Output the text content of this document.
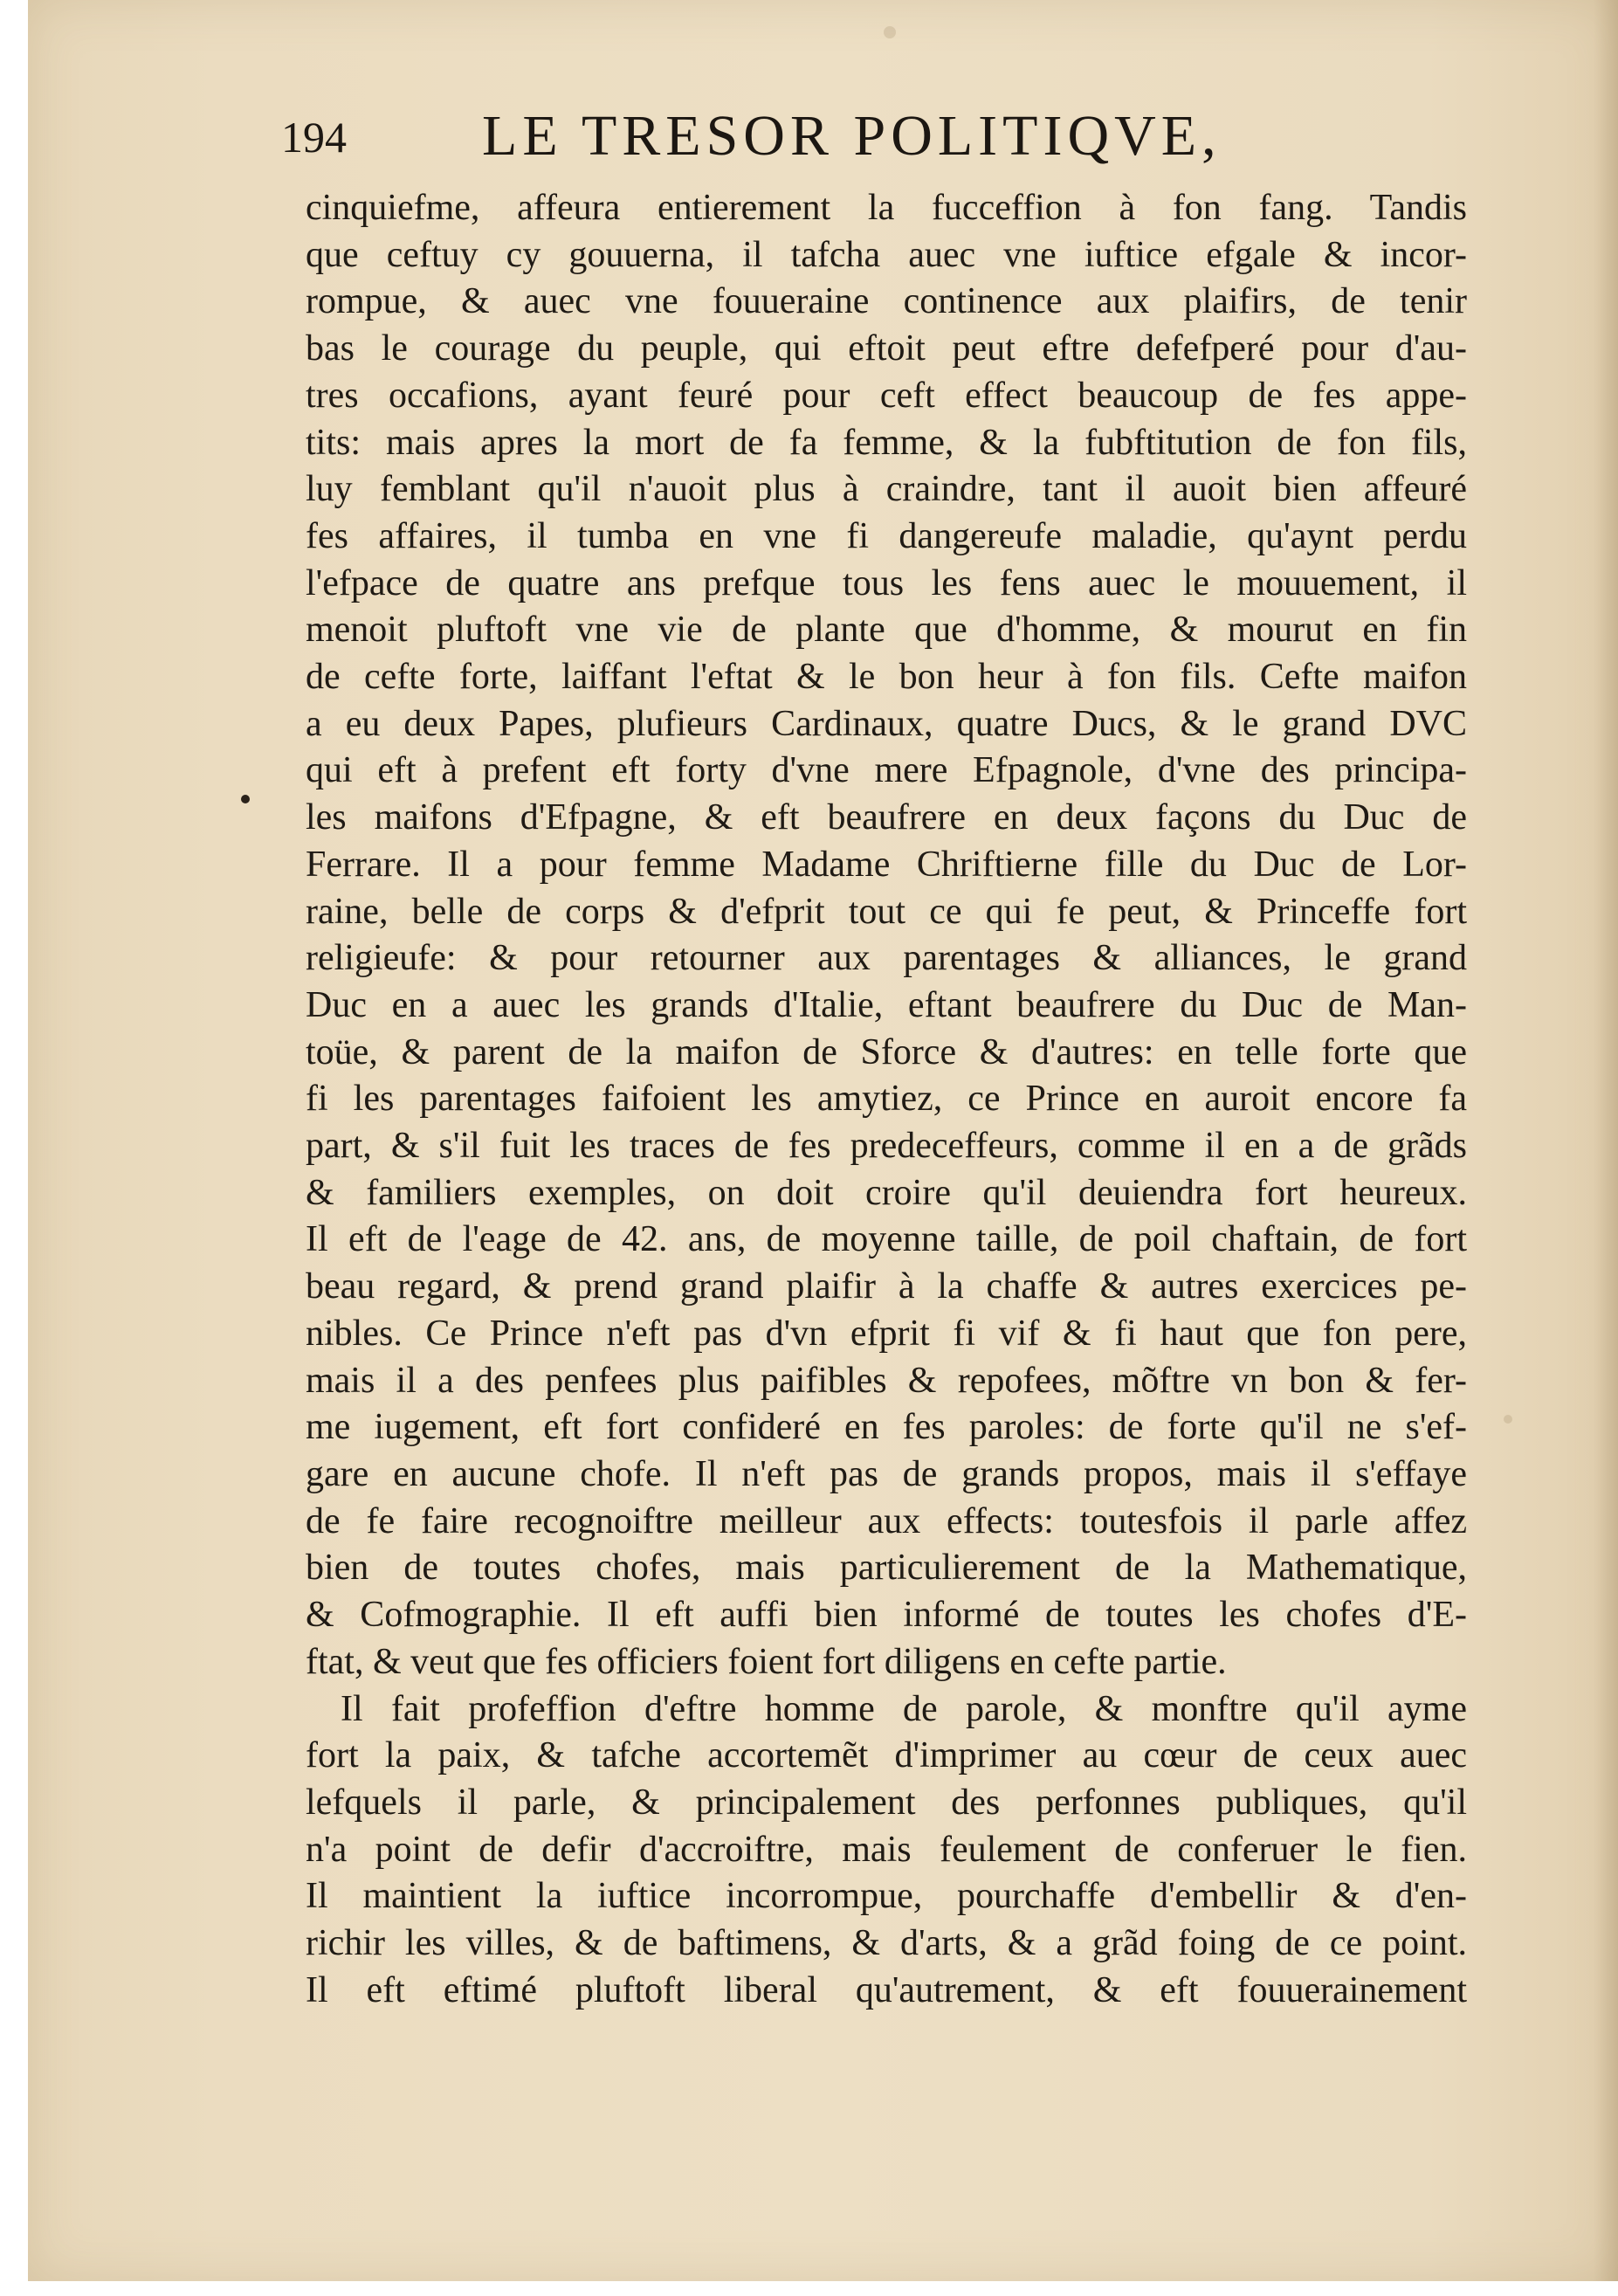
194 LE TRESOR POLITIQVE,
cinquiefme, affeura entierement la fucceffion à fon fang. Tandis
que ceftuy cy gouuerna, il tafcha auec vne iuftice efgale & incor-
rompue, & auec vne fouueraine continence aux plaifirs, de tenir
bas le courage du peuple, qui eftoit peut eftre defefperé pour d'au-
tres occafions, ayant feuré pour ceft effect beaucoup de fes appe-
tits: mais apres la mort de fa femme, & la fubftitution de fon fils,
luy femblant qu'il n'auoit plus à craindre, tant il auoit bien affeuré
fes affaires, il tumba en vne fi dangereufe maladie, qu'aynt perdu
l'efpace de quatre ans prefque tous les fens auec le mouuement, il
menoit pluftoft vne vie de plante que d'homme, & mourut en fin
de cefte forte, laiffant l'eftat & le bon heur à fon fils. Cefte maifon
a eu deux Papes, plufieurs Cardinaux, quatre Ducs, & le grand DVC
qui eft à prefent eft forty d'vne mere Efpagnole, d'vne des principa-
les maifons d'Efpagne, & eft beaufrere en deux façons du Duc de
Ferrare. Il a pour femme Madame Chriftierne fille du Duc de Lor-
raine, belle de corps & d'efprit tout ce qui fe peut, & Princeffe fort
religieufe: & pour retourner aux parentages & alliances, le grand
Duc en a auec les grands d'Italie, eftant beaufrere du Duc de Man-
toüe, & parent de la maifon de Sforce & d'autres: en telle forte que
fi les parentages faifoient les amytiez, ce Prince en auroit encore fa
part, & s'il fuit les traces de fes predeceffeurs, comme il en a de grãds
& familiers exemples, on doit croire qu'il deuiendra fort heureux.
Il eft de l'eage de 42. ans, de moyenne taille, de poil chaftain, de fort
beau regard, & prend grand plaifir à la chaffe & autres exercices pe-
nibles. Ce Prince n'eft pas d'vn efprit fi vif & fi haut que fon pere,
mais il a des penfees plus paifibles & repofees, mõftre vn bon & fer-
me iugement, eft fort confideré en fes paroles: de forte qu'il ne s'ef-
gare en aucune chofe. Il n'eft pas de grands propos, mais il s'effaye
de fe faire recognoiftre meilleur aux effects: toutesfois il parle affez
bien de toutes chofes, mais particulierement de la Mathematique,
& Cofmographie. Il eft auffi bien informé de toutes les chofes d'E-
ftat, & veut que fes officiers foient fort diligens en cefte partie.
Il fait profeffion d'eftre homme de parole, & monftre qu'il ayme
fort la paix, & tafche accortemẽt d'imprimer au cœur de ceux auec
lefquels il parle, & principalement des perfonnes publiques, qu'il
n'a point de defir d'accroiftre, mais feulement de conferuer le fien.
Il maintient la iuftice incorrompue, pourchaffe d'embellir & d'en-
richir les villes, & de baftimens, & d'arts, & a grãd foing de ce point.
Il eft eftimé pluftoft liberal qu'autrement, & eft fouuerainement
